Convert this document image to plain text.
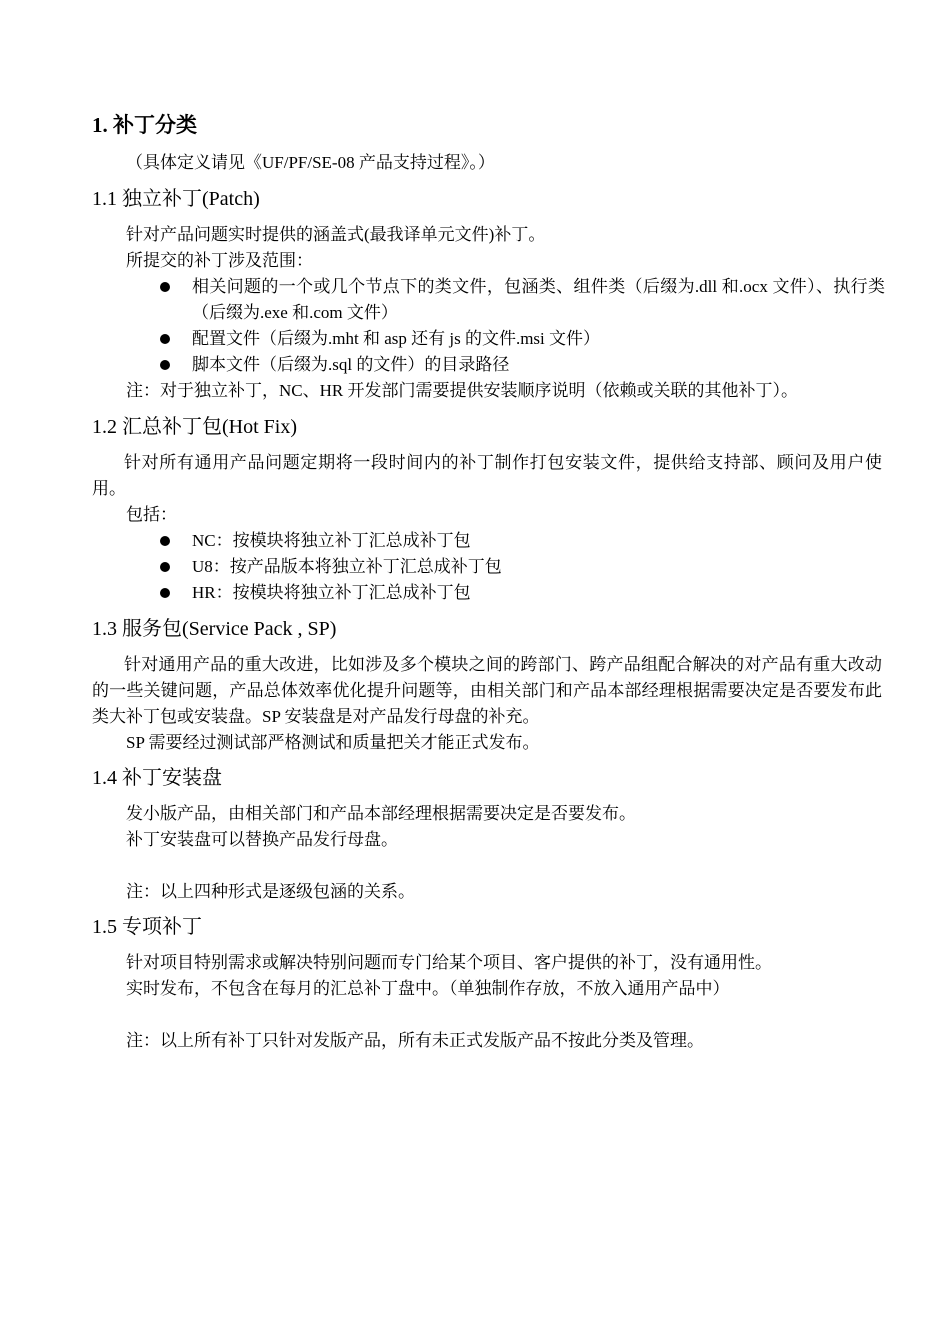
1. 补丁分类
（具体定义请见《UF/PF/SE-08 产品支持过程》。）
1.1 独立补丁(Patch)
针对产品问题实时提供的涵盖式(最我译单元文件)补丁。
所提交的补丁涉及范围：
相关问题的一个或几个节点下的类文件，包涵类、组件类（后缀为.dll 和.ocx 文件）、执行类（后缀为.exe 和.com 文件）
配置文件（后缀为.mht 和 asp 还有 js 的文件.msi 文件）
脚本文件（后缀为.sql 的文件）的目录路径
注：对于独立补丁，NC、HR 开发部门需要提供安装顺序说明（依赖或关联的其他补丁）。
1.2 汇总补丁包(Hot Fix)
针对所有通用产品问题定期将一段时间内的补丁制作打包安装文件，提供给支持部、顾问及用户使用。
包括：
NC：按模块将独立补丁汇总成补丁包
U8：按产品版本将独立补丁汇总成补丁包
HR：按模块将独立补丁汇总成补丁包
1.3 服务包(Service Pack , SP)
针对通用产品的重大改进，比如涉及多个模块之间的跨部门、跨产品组配合解决的对产品有重大改动的一些关键问题，产品总体效率优化提升问题等，由相关部门和产品本部经理根据需要决定是否要发布此类大补丁包或安装盘。SP 安装盘是对产品发行母盘的补充。
SP 需要经过测试部严格测试和质量把关才能正式发布。
1.4 补丁安装盘
发小版产品，由相关部门和产品本部经理根据需要决定是否要发布。
补丁安装盘可以替换产品发行母盘。
注：以上四种形式是逐级包涵的关系。
1.5 专项补丁
针对项目特别需求或解决特别问题而专门给某个项目、客户提供的补丁，没有通用性。
实时发布，不包含在每月的汇总补丁盘中。（单独制作存放，不放入通用产品中）
注：以上所有补丁只针对发版产品，所有未正式发版产品不按此分类及管理。
